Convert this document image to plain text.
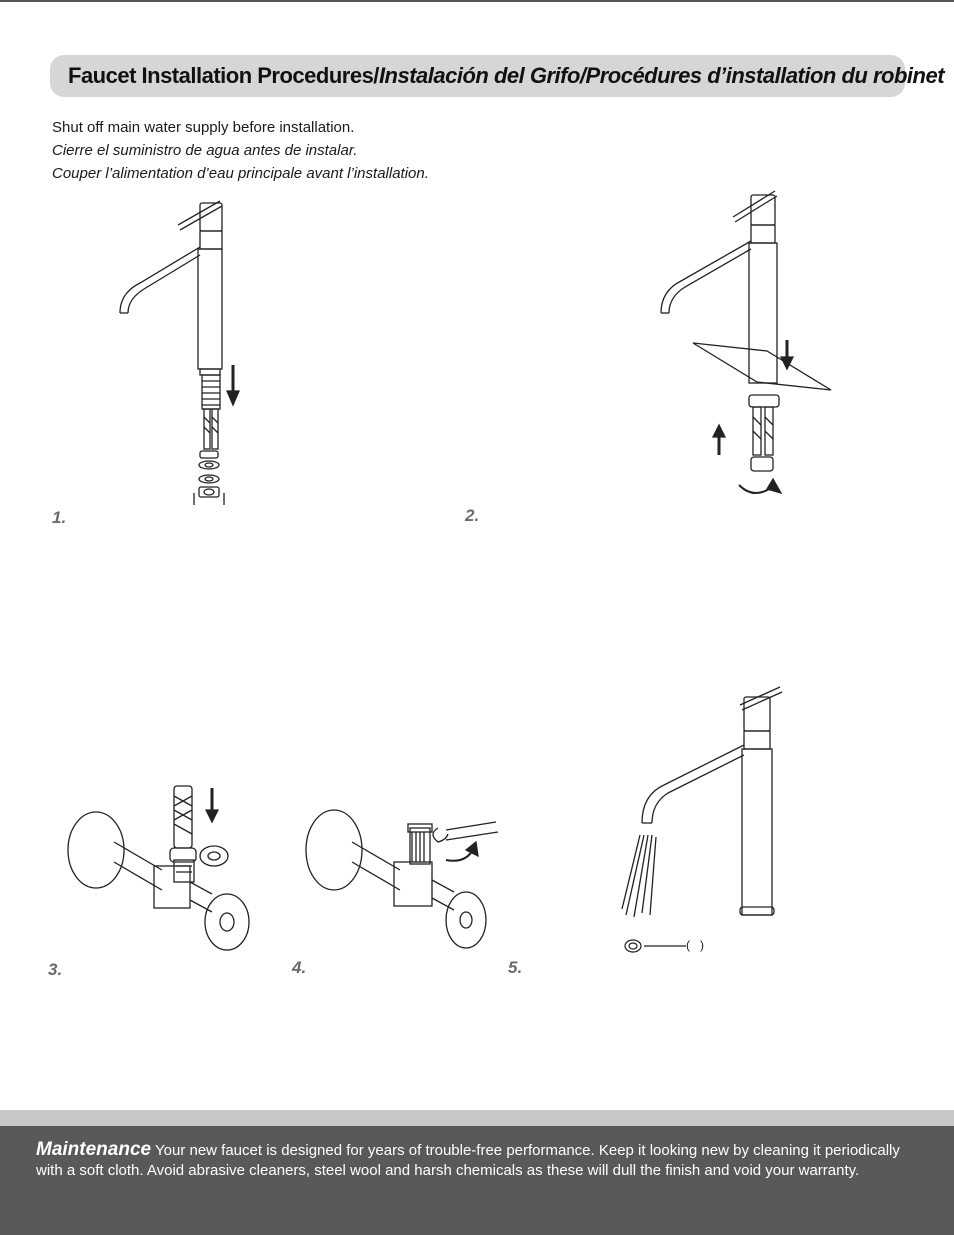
Faucet Installation Procedures/ Instalación del Grifo/ Procédures d’installation du robinet
Shut off main water supply before installation.
Cierre el suministro de agua antes de instalar.
Couper l’alimentation d’eau principale avant l’installation.
(   )
1.	2.
3.	4.	5.
Maintenance Your new faucet is designed for years of trouble-free performance. Keep it looking new by cleaning it periodically with a soft cloth. Avoid abrasive cleaners, steel wool and harsh chemicals as these will dull the finish and void your warranty.
